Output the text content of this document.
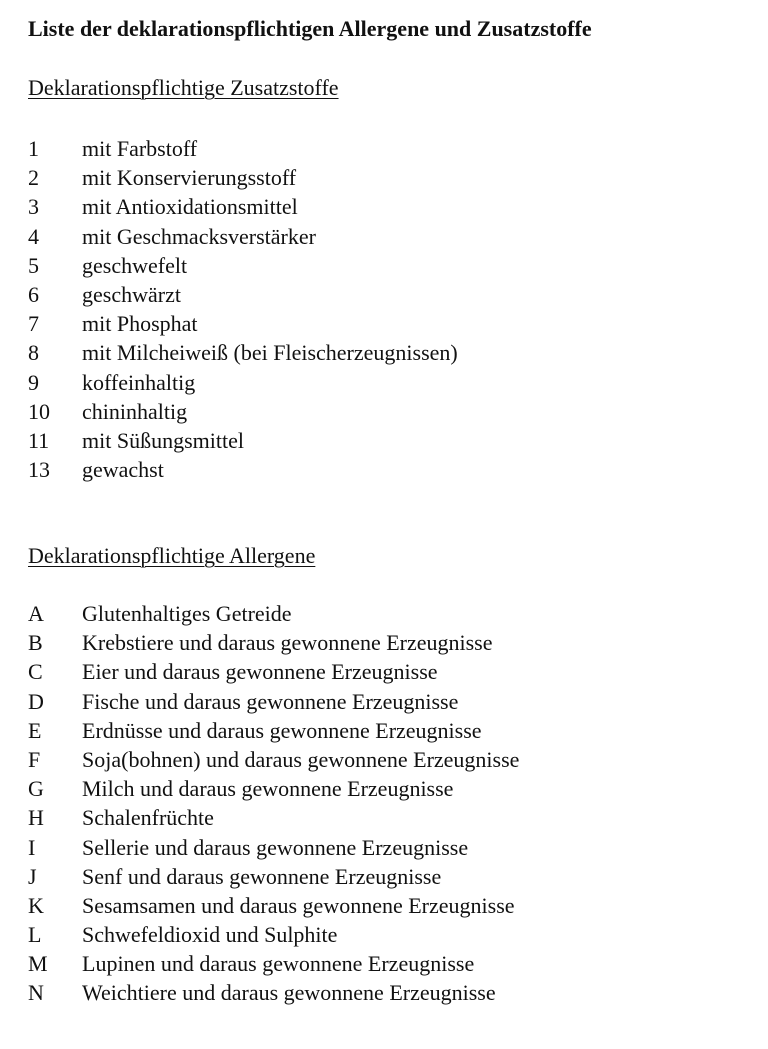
Liste der deklarationspflichtigen Allergene und Zusatzstoffe
Deklarationspflichtige Zusatzstoffe
1	mit Farbstoff
2	mit Konservierungsstoff
3	mit Antioxidationsmittel
4	mit Geschmacksverstärker
5	geschwefelt
6	geschwärzt
7	mit Phosphat
8	mit Milcheiweiß (bei Fleischerzeugnissen)
9	koffeinhaltig
10	chininhaltig
11	mit Süßungsmittel
13	gewachst
Deklarationspflichtige Allergene
A	Glutenhaltiges Getreide
B	Krebstiere und daraus gewonnene Erzeugnisse
C	Eier und daraus gewonnene Erzeugnisse
D	Fische und daraus gewonnene Erzeugnisse
E	Erdnüsse und daraus gewonnene Erzeugnisse
F	Soja(bohnen) und daraus gewonnene Erzeugnisse
G	Milch und daraus gewonnene Erzeugnisse
H	Schalenfrüchte
I	Sellerie und daraus gewonnene Erzeugnisse
J	Senf und daraus gewonnene Erzeugnisse
K	Sesamsamen und daraus gewonnene Erzeugnisse
L	Schwefeldioxid und Sulphite
M	Lupinen und daraus gewonnene Erzeugnisse
N	Weichtiere und daraus gewonnene Erzeugnisse
